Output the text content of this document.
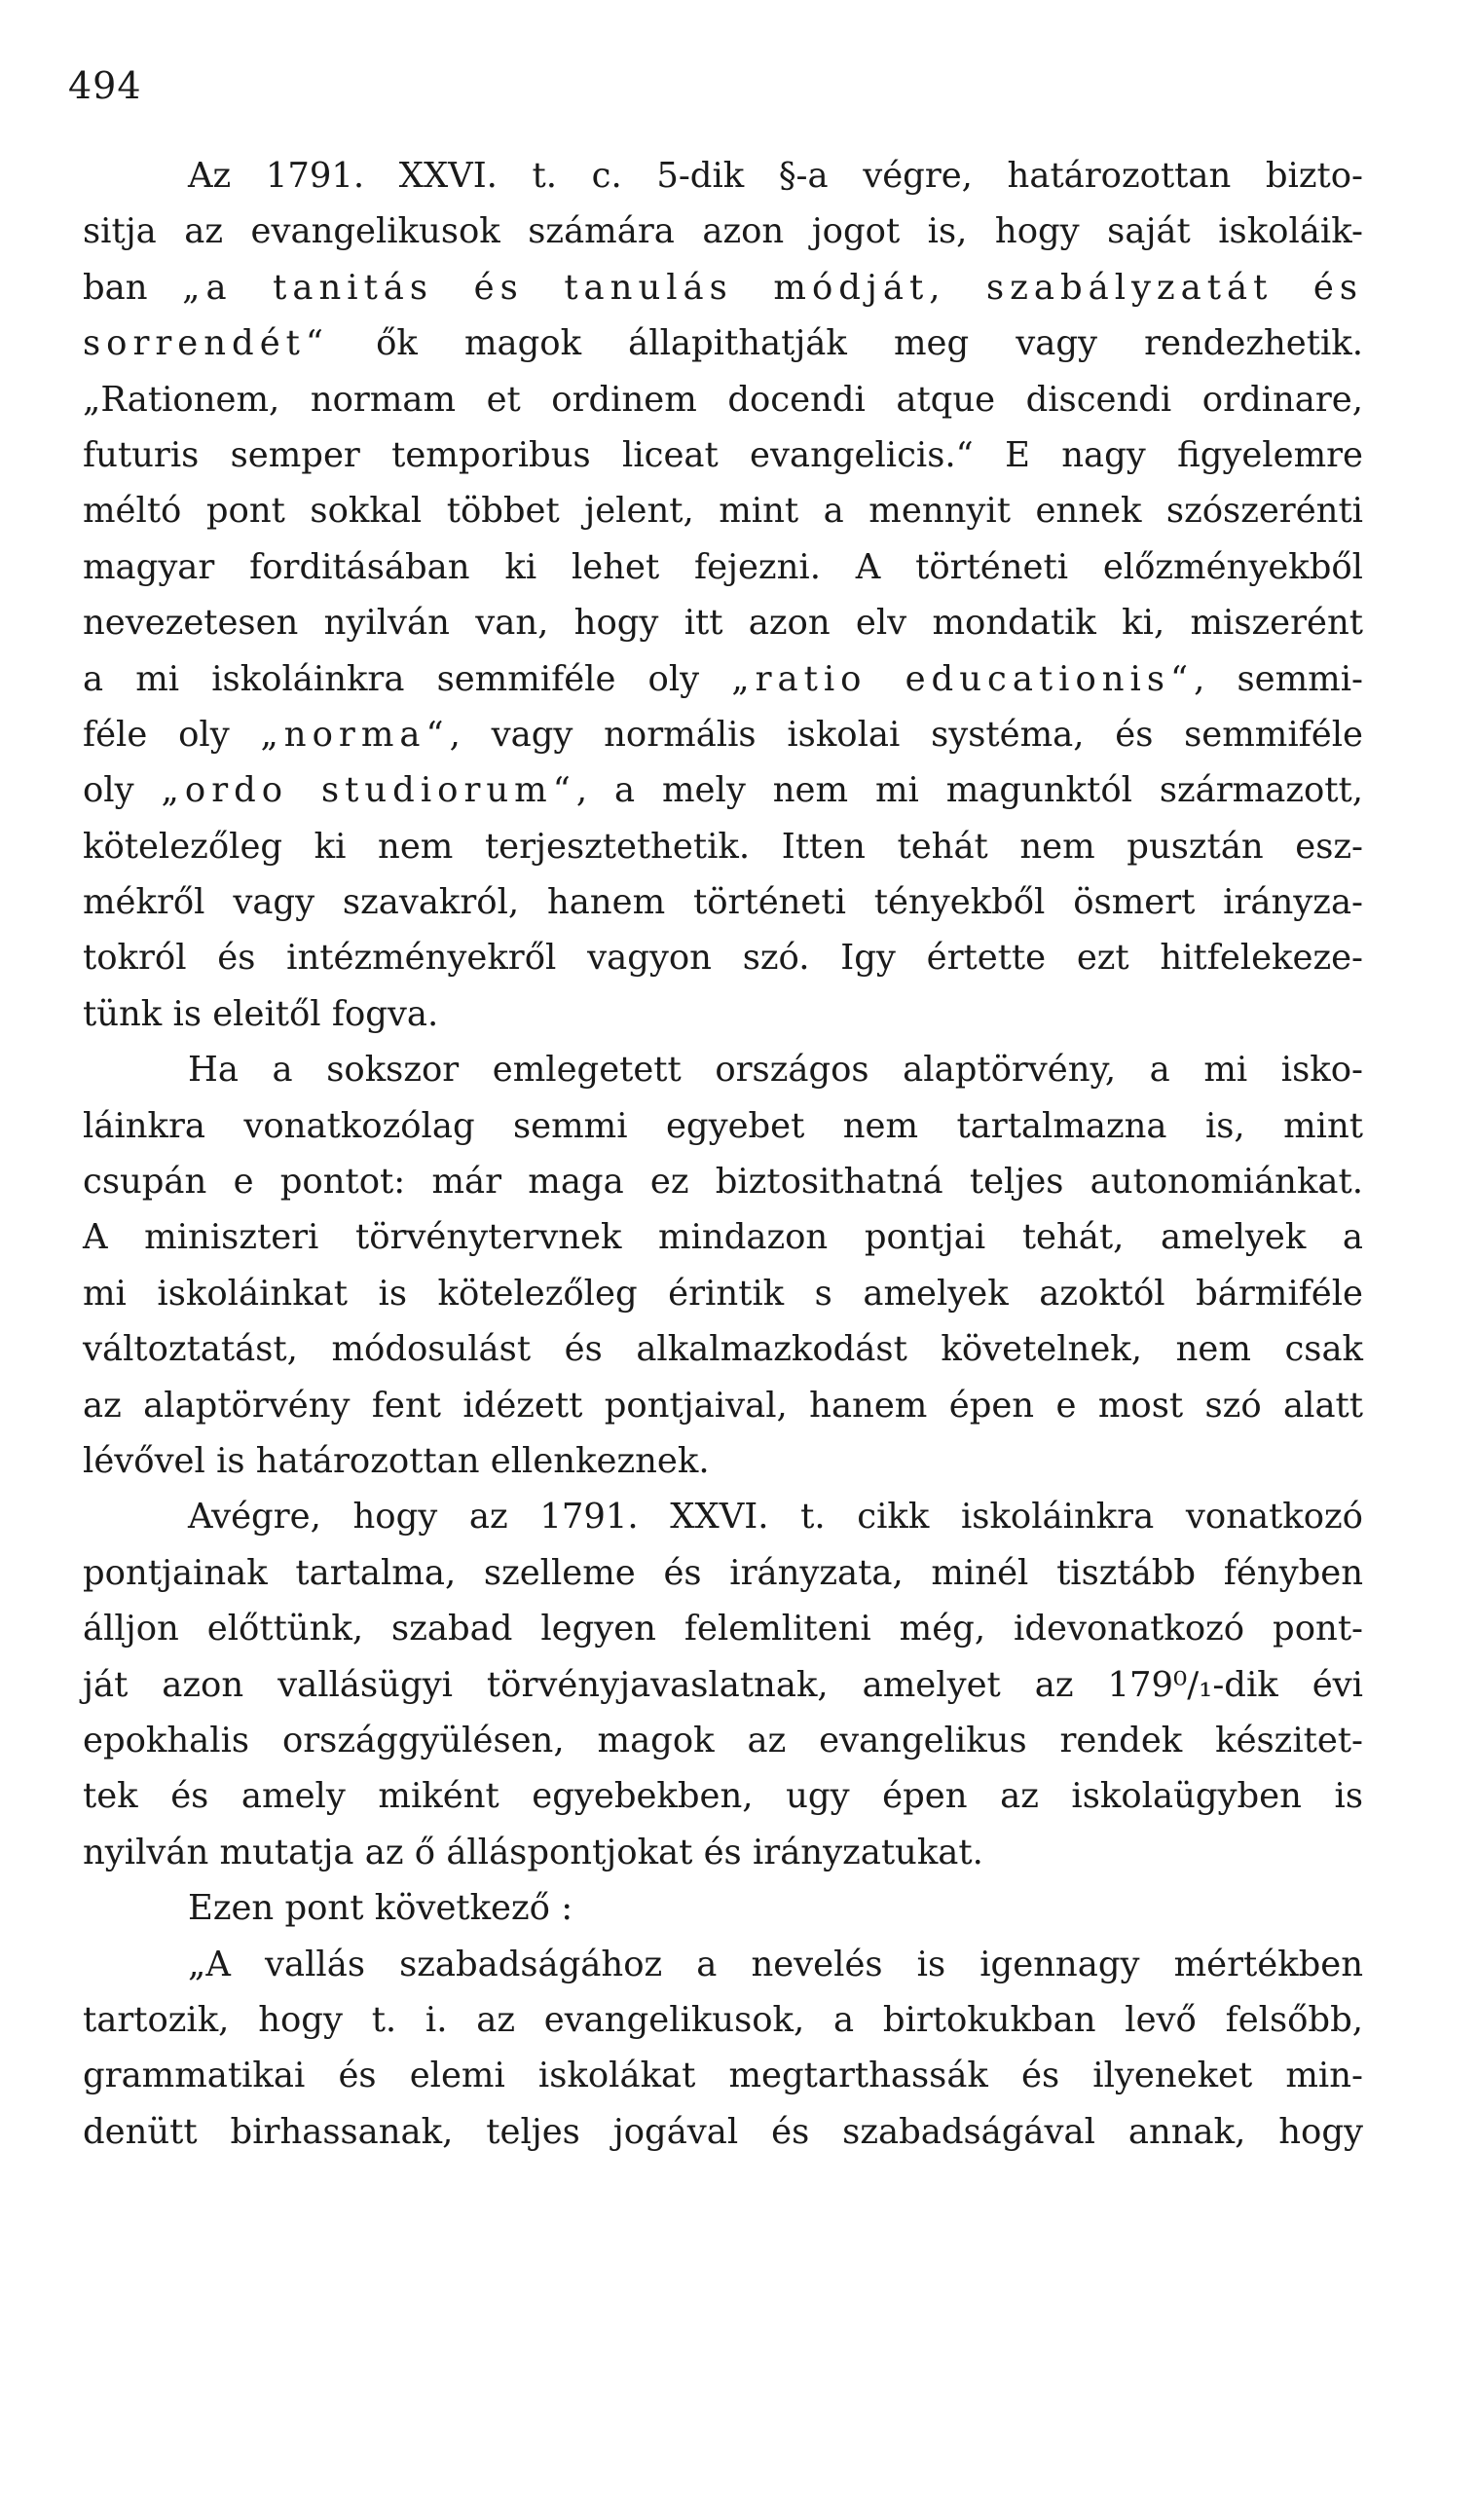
494
Az 1791. XXVI. t. c. 5-dik §-a végre, határozottan bizto-
sitja az evangelikusok számára azon jogot is, hogy saját iskoláik-
ban „a tanitás és tanulás módját, szabályzatát és
sorrendét“ ők magok állapithatják meg vagy rendezhetik.
„Rationem, normam et ordinem docendi atque discendi ordinare,
futuris semper temporibus liceat evangelicis.“ E nagy figyelemre
méltó pont sokkal többet jelent, mint a mennyit ennek szószerénti
magyar forditásában ki lehet fejezni. A történeti előzményekből
nevezetesen nyilván van, hogy itt azon elv mondatik ki, miszerént
a mi iskoláinkra semmiféle oly „ratio educationis“, semmi-
féle oly „norma“, vagy normális iskolai systéma, és semmiféle
oly „ordo studiorum“, a mely nem mi magunktól származott,
kötelezőleg ki nem terjesztethetik. Itten tehát nem pusztán esz-
mékről vagy szavakról, hanem történeti tényekből ösmert irányza-
tokról és intézményekről vagyon szó. Igy értette ezt hitfelekeze-
tünk is eleitől fogva.
Ha a sokszor emlegetett országos alaptörvény, a mi isko-
láinkra vonatkozólag semmi egyebet nem tartalmazna is, mint
csupán e pontot: már maga ez biztosithatná teljes autonomiánkat.
A miniszteri törvénytervnek mindazon pontjai tehát, amelyek a
mi iskoláinkat is kötelezőleg érintik s amelyek azoktól bármiféle
változtatást, módosulást és alkalmazkodást követelnek, nem csak
az alaptörvény fent idézett pontjaival, hanem épen e most szó alatt
lévővel is határozottan ellenkeznek.
Avégre, hogy az 1791. XXVI. t. cikk iskoláinkra vonatkozó
pontjainak tartalma, szelleme és irányzata, minél tisztább fényben
álljon előttünk, szabad legyen felemliteni még, idevonatkozó pont-
ját azon vallásügyi törvényjavaslatnak, amelyet az 179⁰/₁-dik évi
epokhalis országgyülésen, magok az evangelikus rendek készitet-
tek és amely miként egyebekben, ugy épen az iskolaügyben is
nyilván mutatja az ő álláspontjokat és irányzatukat.
Ezen pont következő :
„A vallás szabadságához a nevelés is igennagy mértékben
tartozik, hogy t. i. az evangelikusok, a birtokukban levő felsőbb,
grammatikai és elemi iskolákat megtarthassák és ilyeneket min-
denütt birhassanak, teljes jogával és szabadságával annak, hogy
